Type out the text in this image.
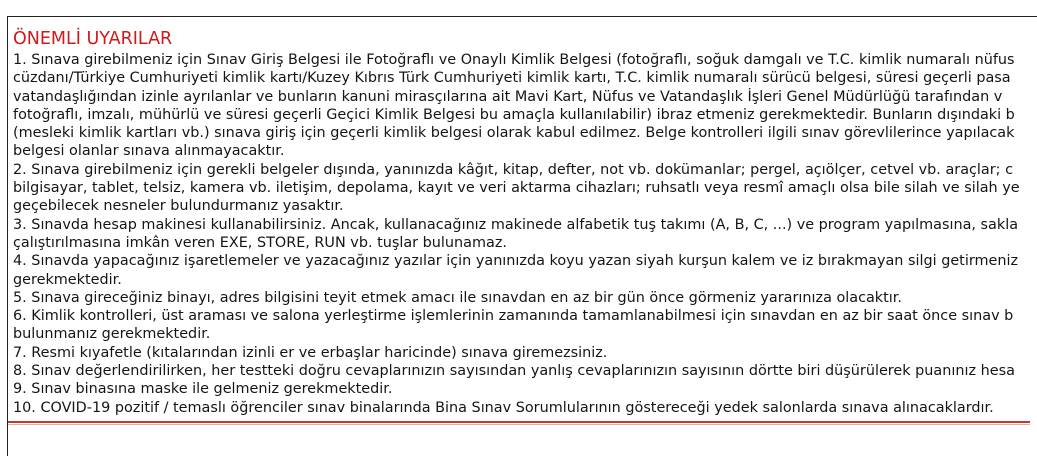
ÖNEMLİ UYARILAR
1. Sınava girebilmeniz için Sınav Giriş Belgesi ile Fotoğraflı ve Onaylı Kimlik Belgesi (fotoğraflı, soğuk damgalı ve T.C. kimlik numaralı nüfus
cüzdanı/Türkiye Cumhuriyeti kimlik kartı/Kuzey Kıbrıs Türk Cumhuriyeti kimlik kartı, T.C. kimlik numaralı sürücü belgesi, süresi geçerli pasa
vatandaşlığından izinle ayrılanlar ve bunların kanuni mirasçılarına ait Mavi Kart, Nüfus ve Vatandaşlık İşleri Genel Müdürlüğü tarafından v
fotoğraflı, imzalı, mühürlü ve süresi geçerli Geçici Kimlik Belgesi bu amaçla kullanılabilir) ibraz etmeniz gerekmektedir. Bunların dışındaki b
(mesleki kimlik kartları vb.) sınava giriş için geçerli kimlik belgesi olarak kabul edilmez. Belge kontrolleri ilgili sınav görevlilerince yapılacak
belgesi olanlar sınava alınmayacaktır.
2. Sınava girebilmeniz için gerekli belgeler dışında, yanınızda kâğıt, kitap, defter, not vb. dokümanlar; pergel, açıölçer, cetvel vb. araçlar; c
bilgisayar, tablet, telsiz, kamera vb. iletişim, depolama, kayıt ve veri aktarma cihazları; ruhsatlı veya resmî amaçlı olsa bile silah ve silah ye
geçebilecek nesneler bulundurmanız yasaktır.
3. Sınavda hesap makinesi kullanabilirsiniz. Ancak, kullanacağınız makinede alfabetik tuş takımı (A, B, C, ...) ve program yapılmasına, sakla
çalıştırılmasına imkân veren EXE, STORE, RUN vb. tuşlar bulunamaz.
4. Sınavda yapacağınız işaretlemeler ve yazacağınız yazılar için yanınızda koyu yazan siyah kurşun kalem ve iz bırakmayan silgi getirmeniz
gerekmektedir.
5. Sınava gireceğiniz binayı, adres bilgisini teyit etmek amacı ile sınavdan en az bir gün önce görmeniz yararınıza olacaktır.
6. Kimlik kontrolleri, üst araması ve salona yerleştirme işlemlerinin zamanında tamamlanabilmesi için sınavdan en az bir saat önce sınav b
bulunmanız gerekmektedir.
7. Resmi kıyafetle (kıtalarından izinli er ve erbaşlar haricinde) sınava giremezsiniz.
8. Sınav değerlendirilirken, her testteki doğru cevaplarınızın sayısından yanlış cevaplarınızın sayısının dörtte biri düşürülerek puanınız hesa
9. Sınav binasına maske ile gelmeniz gerekmektedir.
10. COVID-19 pozitif / temaslı öğrenciler sınav binalarında Bina Sınav Sorumlularının göstereceği yedek salonlarda sınava alınacaklardır.
